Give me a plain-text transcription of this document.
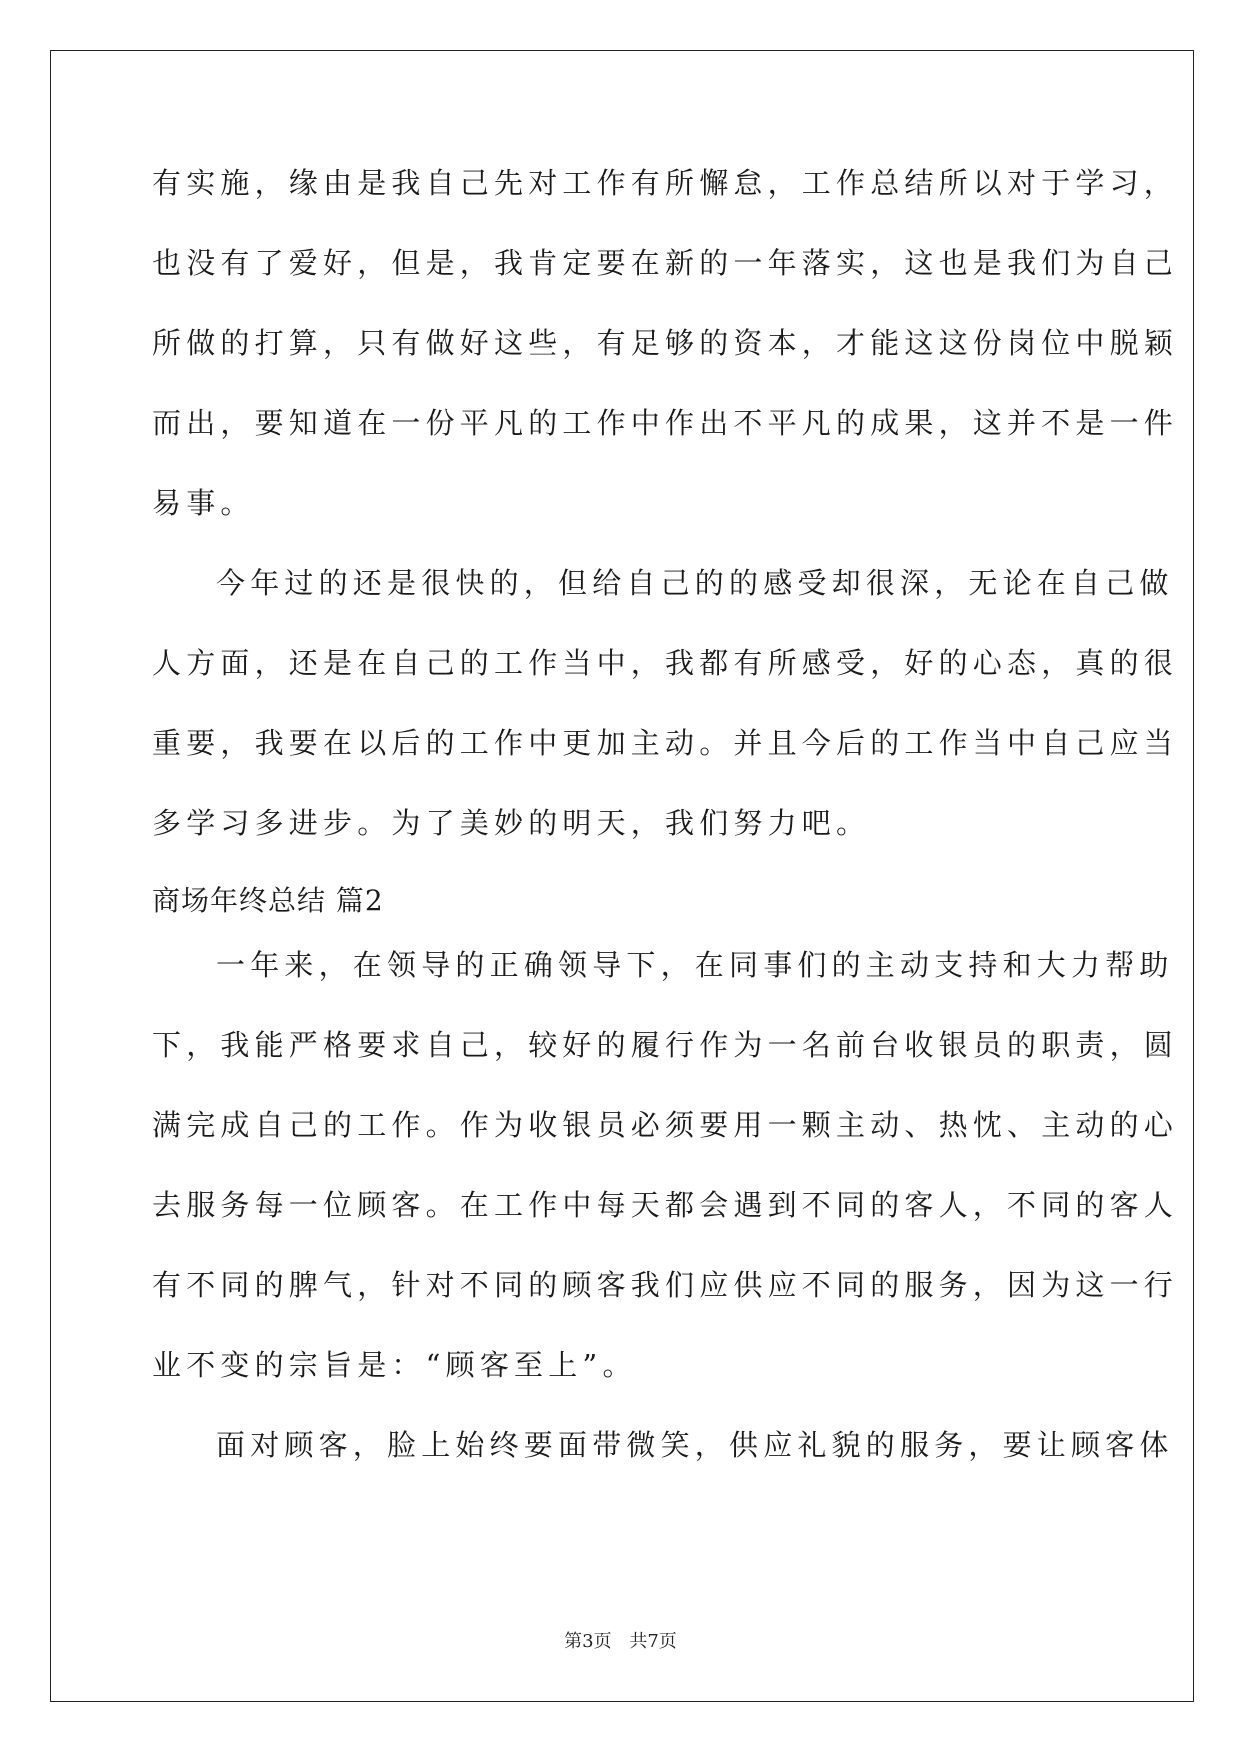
有实施，缘由是我自己先对工作有所懈怠，工作总结所以对于学习，
也没有了爱好，但是，我肯定要在新的一年落实，这也是我们为自己
所做的打算，只有做好这些，有足够的资本，才能这这份岗位中脱颖
而出，要知道在一份平凡的工作中作出不平凡的成果，这并不是一件
易事。
今年过的还是很快的，但给自己的的感受却很深，无论在自己做
人方面，还是在自己的工作当中，我都有所感受，好的心态，真的很
重要，我要在以后的工作中更加主动。并且今后的工作当中自己应当
多学习多进步。为了美妙的明天，我们努力吧。
商场年终总结 篇2
一年来，在领导的正确领导下，在同事们的主动支持和大力帮助
下，我能严格要求自己，较好的履行作为一名前台收银员的职责，圆
满完成自己的工作。作为收银员必须要用一颗主动、热忱、主动的心
去服务每一位顾客。在工作中每天都会遇到不同的客人，不同的客人
有不同的脾气，针对不同的顾客我们应供应不同的服务，因为这一行
业不变的宗旨是：“顾客至上”。
面对顾客，脸上始终要面带微笑，供应礼貌的服务，要让顾客体
第3页 共7页
